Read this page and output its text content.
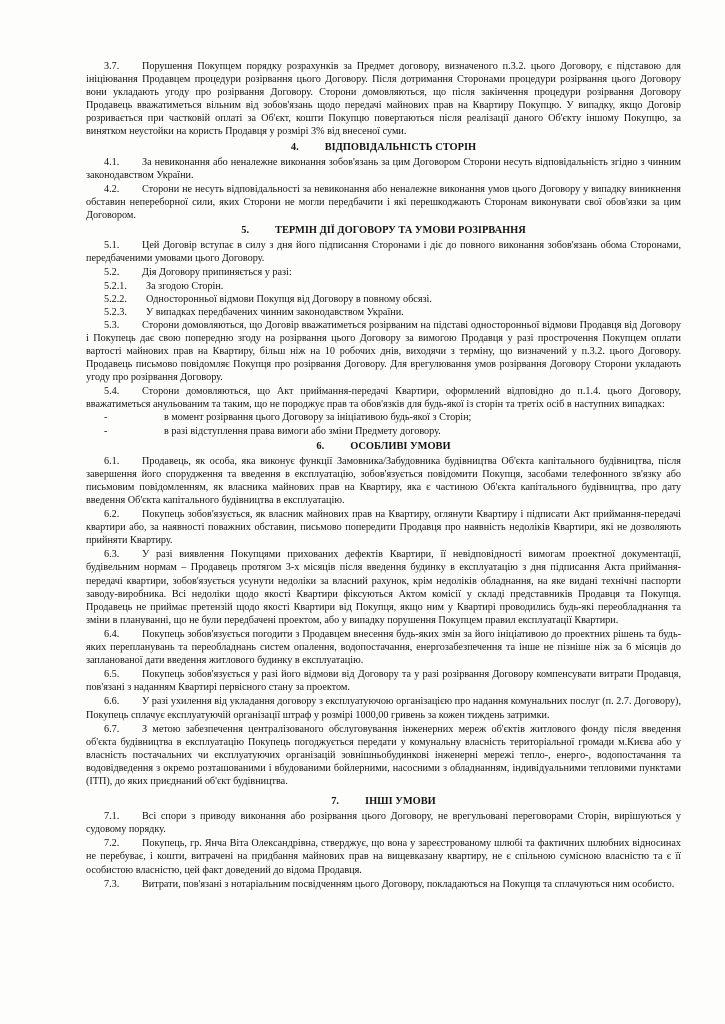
3.7. Порушення Покупцем порядку розрахунків за Предмет договору, визначеного п.3.2. цього Договору, є підставою для ініціювання Продавцем процедури розірвання цього Договору. Після дотримання Сторонами процедури розірвання цього Договору вони укладають угоду про розірвання Договору. Сторони домовляються, що після закінчення процедури розірвання Договору Продавець вважатиметься вільним від зобов'язань щодо передачі майнових прав на Квартиру Покупцю. У випадку, якщо Договір розривається при частковій оплаті за Об'єкт, кошти Покупцю повертаються після реалізації даного Об'єкту іншому Покупцю, за винятком неустойки на користь Продавця у розмірі 3% від внесеної суми.

4.	ВІДПОВІДАЛЬНІСТЬ СТОРІН

4.1. За невиконання або неналежне виконання зобов'язань за цим Договором Сторони несуть відповідальність згідно з чинним законодавством України.

4.2. Сторони не несуть відповідальності за невиконання або неналежне виконання умов цього Договору у випадку виникнення обставин непереборної сили, яких Сторони не могли передбачити і які перешкоджають Сторонам виконувати свої обов'язки за цим Договором.

5.	ТЕРМІН ДІЇ ДОГОВОРУ ТА УМОВИ РОЗІРВАННЯ

5.1. Цей Договір вступає в силу з дня його підписання Сторонами і діє до повного виконання зобов'язань обома Сторонами, передбаченими умовами цього Договору.

5.2. Дія Договору припиняється у разі:

5.2.1. За згодою Сторін.

5.2.2. Односторонньої відмови Покупця від Договору в повному обсязі.

5.2.3. У випадках передбачених чинним законодавством України.

5.3. Сторони домовляються, що Договір вважатиметься розірваним на підставі односторонньої відмови Продавця від Договору і Покупець дає свою попередню згоду на розірвання цього Договору за вимогою Продавця у разі прострочення Покупцем оплати вартості майнових прав на Квартиру, більш ніж на 10 робочих днів, виходячи з терміну, що визначений у п.3.2. цього Договору. Продавець письмово повідомляє Покупця про розірвання Договору. Для врегулювання умов розірвання Договору Сторони укладають угоду про розірвання Договору.

5.4. Сторони домовляються, що Акт приймання-передачі Квартири, оформлений відповідно до п.1.4. цього Договору, вважатиметься анульованим та таким, що не породжує прав та обов'язків для будь-якої із сторін та третіх осіб в наступних випадках:

-	в момент розірвання цього Договору за ініціативою будь-якої з Сторін;

-	в разі відступлення права вимоги або зміни Предмету договору.

6.	ОСОБЛИВІ УМОВИ

6.1. Продавець, як особа, яка виконує функції Замовника/Забудовника будівництва Об'єкта капітального будівництва, після завершення його спорудження та введення в експлуатацію, зобов'язується повідомити Покупця, засобами телефонного зв'язку або письмовим повідомленням, як власника майнових прав на Квартиру, яка є частиною Об'єкта капітального будівництва, про дату введення Об'єкта капітального будівництва в експлуатацію.

6.2. Покупець зобов'язується, як власник майнових прав на Квартиру, оглянути Квартиру і підписати Акт приймання-передачі квартири або, за наявності поважних обставин, письмово попередити Продавця про наявність недоліків Квартири, які не дозволяють прийняти Квартиру.

6.3. У разі виявлення Покупцями прихованих дефектів Квартири, її невідповідності вимогам проектної документації, будівельним нормам – Продавець протягом 3-х місяців після введення будинку в експлуатацію з дня підписання Акта приймання-передачі квартири, зобов'язується усунути недоліки за власний рахунок, крім недоліків обладнання, на яке видані технічні паспорти заводу-виробника. Всі недоліки щодо якості Квартири фіксуються Актом комісії у складі представників Продавця та Покупця. Продавець не приймає претензій щодо якості Квартири від Покупця, якщо ним у Квартирі проводились будь-які переобладнання та зміни в плануванні, що не були передбачені проектом, або у випадку порушення Покупцем правил експлуатації Квартири.

6.4. Покупець зобов'язується погодити з Продавцем внесення будь-яких змін за його ініціативою до проектних рішень та будь-яких перепланувань та переобладнань систем опалення, водопостачання, енергозабезпечення та інше не пізніше ніж за 6 місяців до запланованої дати введення житлового будинку в експлуатацію.

6.5. Покупець зобов'язується у разі його відмови від Договору та у разі розірвання Договору компенсувати витрати Продавця, пов'язані з наданням Квартирі первісного стану за проектом.

6.6. У разі ухилення від укладання договору з експлуатуючою організацією про надання комунальних послуг (п. 2.7. Договору), Покупець сплачує експлуатуючій організації штраф у розмірі 1000,00 гривень за кожен тиждень затримки.

6.7. З метою забезпечення централізованого обслуговування інженерних мереж об'єктів житлового фонду після введення об'єкта будівництва в експлуатацію Покупець погоджується передати у комунальну власність територіальної громади м.Києва або у власність постачальних чи експлуатуючих організацій зовнішньобудинкові інженерні мережі тепло-, енерго-, водопостачання та водовідведення з окремо розташованими і вбудованими бойлерними, насосними з обладнанням, індивідуальними тепловими пунктами (ІТП), до яких приєднаний об'єкт будівництва.

7.	ІНШІ УМОВИ

7.1. Всі спори з приводу виконання або розірвання цього Договору, не врегульовані переговорами Сторін, вирішуються у судовому порядку.

7.2. Покупець, гр. Янча Віта Олександрівна, стверджує, що вона у зареєстрованому шлюбі та фактичних шлюбних відносинах не перебуває, і кошти, витрачені на придбання майнових прав на вищевказану квартиру, не є спільною сумісною власністю та є її особистою власністю, цей факт доведений до відома Продавця.

7.3. Витрати, пов'язані з нотаріальним посвідченням цього Договору, покладаються на Покупця та сплачуються ним особисто.
